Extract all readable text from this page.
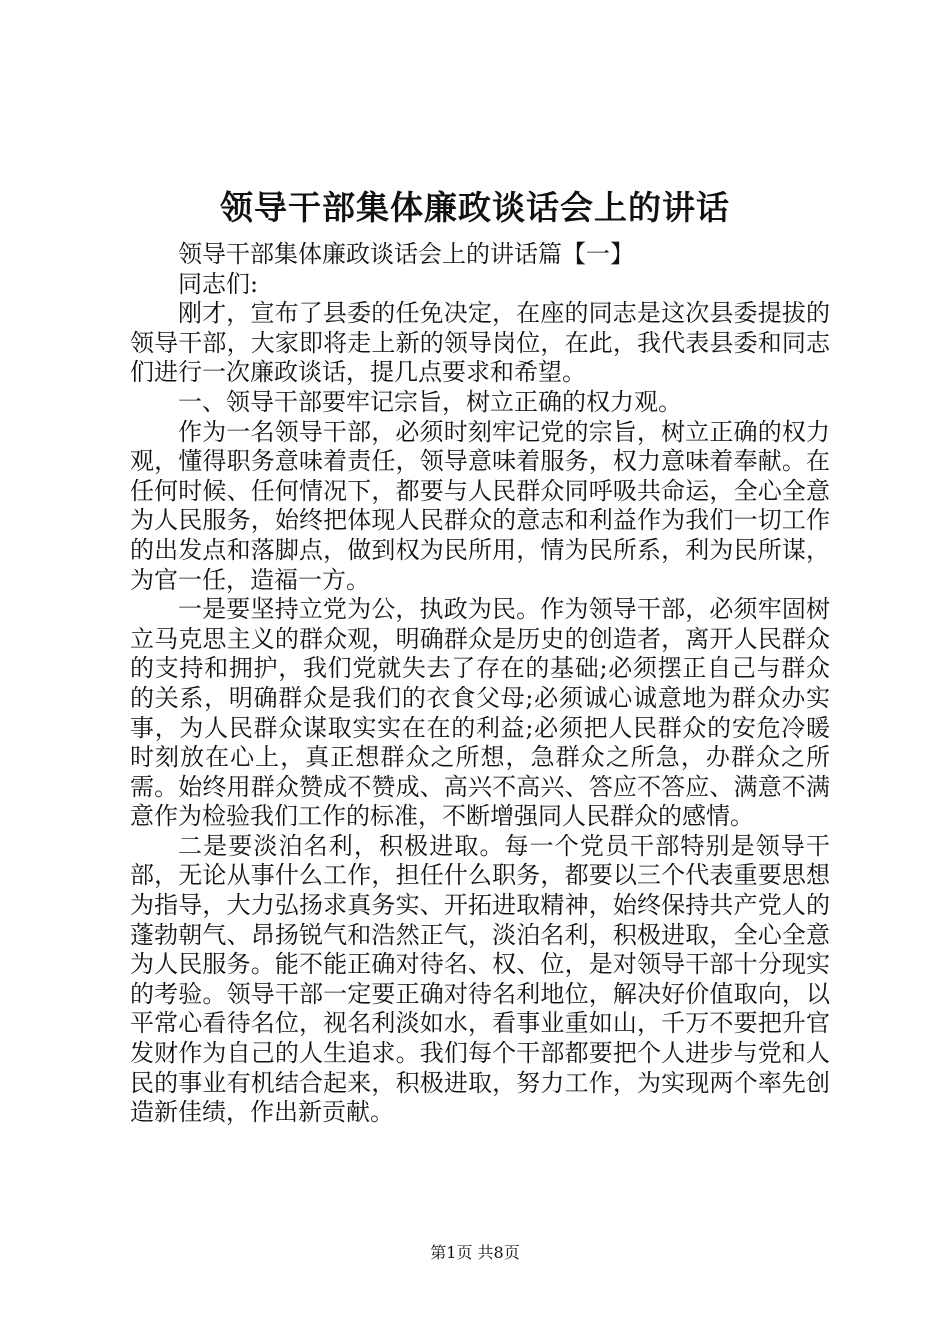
领导干部集体廉政谈话会上的讲话

领导干部集体廉政谈话会上的讲话篇【一】

同志们:

刚才，宣布了县委的任免决定，在座的同志是这次县委提拔的领导干部，大家即将走上新的领导岗位，在此，我代表县委和同志们进行一次廉政谈话，提几点要求和希望。

一、领导干部要牢记宗旨，树立正确的权力观。

作为一名领导干部，必须时刻牢记党的宗旨，树立正确的权力观，懂得职务意味着责任，领导意味着服务，权力意味着奉献。在任何时候、任何情况下，都要与人民群众同呼吸共命运，全心全意为人民服务，始终把体现人民群众的意志和利益作为我们一切工作的出发点和落脚点，做到权为民所用，情为民所系，利为民所谋，为官一任，造福一方。

一是要坚持立党为公，执政为民。作为领导干部，必须牢固树立马克思主义的群众观，明确群众是历史的创造者，离开人民群众的支持和拥护，我们党就失去了存在的基础;必须摆正自己与群众的关系，明确群众是我们的衣食父母;必须诚心诚意地为群众办实事，为人民群众谋取实实在在的利益;必须把人民群众的安危冷暖时刻放在心上，真正想群众之所想，急群众之所急，办群众之所需。始终用群众赞成不赞成、高兴不高兴、答应不答应、满意不满意作为检验我们工作的标准，不断增强同人民群众的感情。

二是要淡泊名利，积极进取。每一个党员干部特别是领导干部，无论从事什么工作，担任什么职务，都要以三个代表重要思想为指导，大力弘扬求真务实、开拓进取精神，始终保持共产党人的蓬勃朝气、昂扬锐气和浩然正气，淡泊名利，积极进取，全心全意为人民服务。能不能正确对待名、权、位，是对领导干部十分现实的考验。领导干部一定要正确对待名利地位，解决好价值取向，以平常心看待名位，视名利淡如水，看事业重如山，千万不要把升官发财作为自己的人生追求。我们每个干部都要把个人进步与党和人民的事业有机结合起来，积极进取，努力工作，为实现两个率先创造新佳绩，作出新贡献。

第1页 共8页
